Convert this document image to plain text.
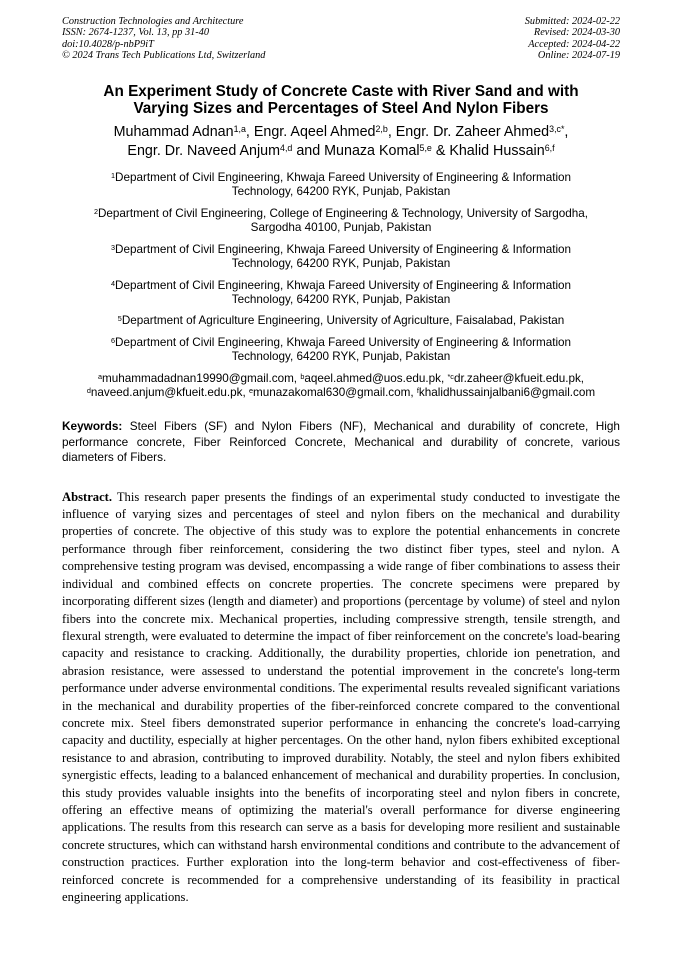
Construction Technologies and Architecture
ISSN: 2674-1237, Vol. 13, pp 31-40
doi:10.4028/p-nbP9iT
© 2024 Trans Tech Publications Ltd, Switzerland
Submitted: 2024-02-22
Revised: 2024-03-30
Accepted: 2024-04-22
Online: 2024-07-19
An Experiment Study of Concrete Caste with River Sand and with
Varying Sizes and Percentages of Steel And Nylon Fibers
Muhammad Adnan$^{1,a}$, Engr. Aqeel Ahmed$^{2,b}$, Engr. Dr. Zaheer Ahmed$^{3,c*}$,
Engr. Dr. Naveed Anjum$^{4,d}$ and Munaza Komal$^{5,e}$ & Khalid Hussain$^{6,f}$
$^1$Department of Civil Engineering, Khwaja Fareed University of Engineering & Information
Technology, 64200 RYK, Punjab, Pakistan
$^2$Department of Civil Engineering, College of Engineering & Technology, University of Sargodha,
Sargodha 40100, Punjab, Pakistan
$^3$Department of Civil Engineering, Khwaja Fareed University of Engineering & Information
Technology, 64200 RYK, Punjab, Pakistan
$^4$Department of Civil Engineering, Khwaja Fareed University of Engineering & Information
Technology, 64200 RYK, Punjab, Pakistan
$^5$Department of Agriculture Engineering, University of Agriculture, Faisalabad, Pakistan
$^6$Department of Civil Engineering, Khwaja Fareed University of Engineering & Information
Technology, 64200 RYK, Punjab, Pakistan
$^a$muhammadadnan19990@gmail.com, $^b$aqeel.ahmed@uos.edu.pk, $^{*c}$dr.zaheer@kfueit.edu.pk,
$^d$naveed.anjum@kfueit.edu.pk, $^e$munazakomal630@gmail.com, $^f$khalidhussainjalbani6@gmail.com

Keywords: Steel Fibers (SF) and Nylon Fibers (NF), Mechanical and durability of concrete, High performance concrete, Fiber Reinforced Concrete, Mechanical and durability of concrete, various diameters of Fibers.

Abstract. This research paper presents the findings of an experimental study conducted to investigate the influence of varying sizes and percentages of steel and nylon fibers on the mechanical and durability properties of concrete. The objective of this study was to explore the potential enhancements in concrete performance through fiber reinforcement, considering the two distinct fiber types, steel and nylon. A comprehensive testing program was devised, encompassing a wide range of fiber combinations to assess their individual and combined effects on concrete properties. The concrete specimens were prepared by incorporating different sizes (length and diameter) and proportions (percentage by volume) of steel and nylon fibers into the concrete mix. Mechanical properties, including compressive strength, tensile strength, and flexural strength, were evaluated to determine the impact of fiber reinforcement on the concrete's load-bearing capacity and resistance to cracking. Additionally, the durability properties, chloride ion penetration, and abrasion resistance, were assessed to understand the potential improvement in the concrete's long-term performance under adverse environmental conditions. The experimental results revealed significant variations in the mechanical and durability properties of the fiber-reinforced concrete compared to the conventional concrete mix. Steel fibers demonstrated superior performance in enhancing the concrete's load-carrying capacity and ductility, especially at higher percentages. On the other hand, nylon fibers exhibited exceptional resistance to and abrasion, contributing to improved durability. Notably, the steel and nylon fibers exhibited synergistic effects, leading to a balanced enhancement of mechanical and durability properties. In conclusion, this study provides valuable insights into the benefits of incorporating steel and nylon fibers in concrete, offering an effective means of optimizing the material's overall performance for diverse engineering applications. The results from this research can serve as a basis for developing more resilient and sustainable concrete structures, which can withstand harsh environmental conditions and contribute to the advancement of construction practices. Further exploration into the long-term behavior and cost-effectiveness of fiber-reinforced concrete is recommended for a comprehensive understanding of its feasibility in practical engineering applications.
